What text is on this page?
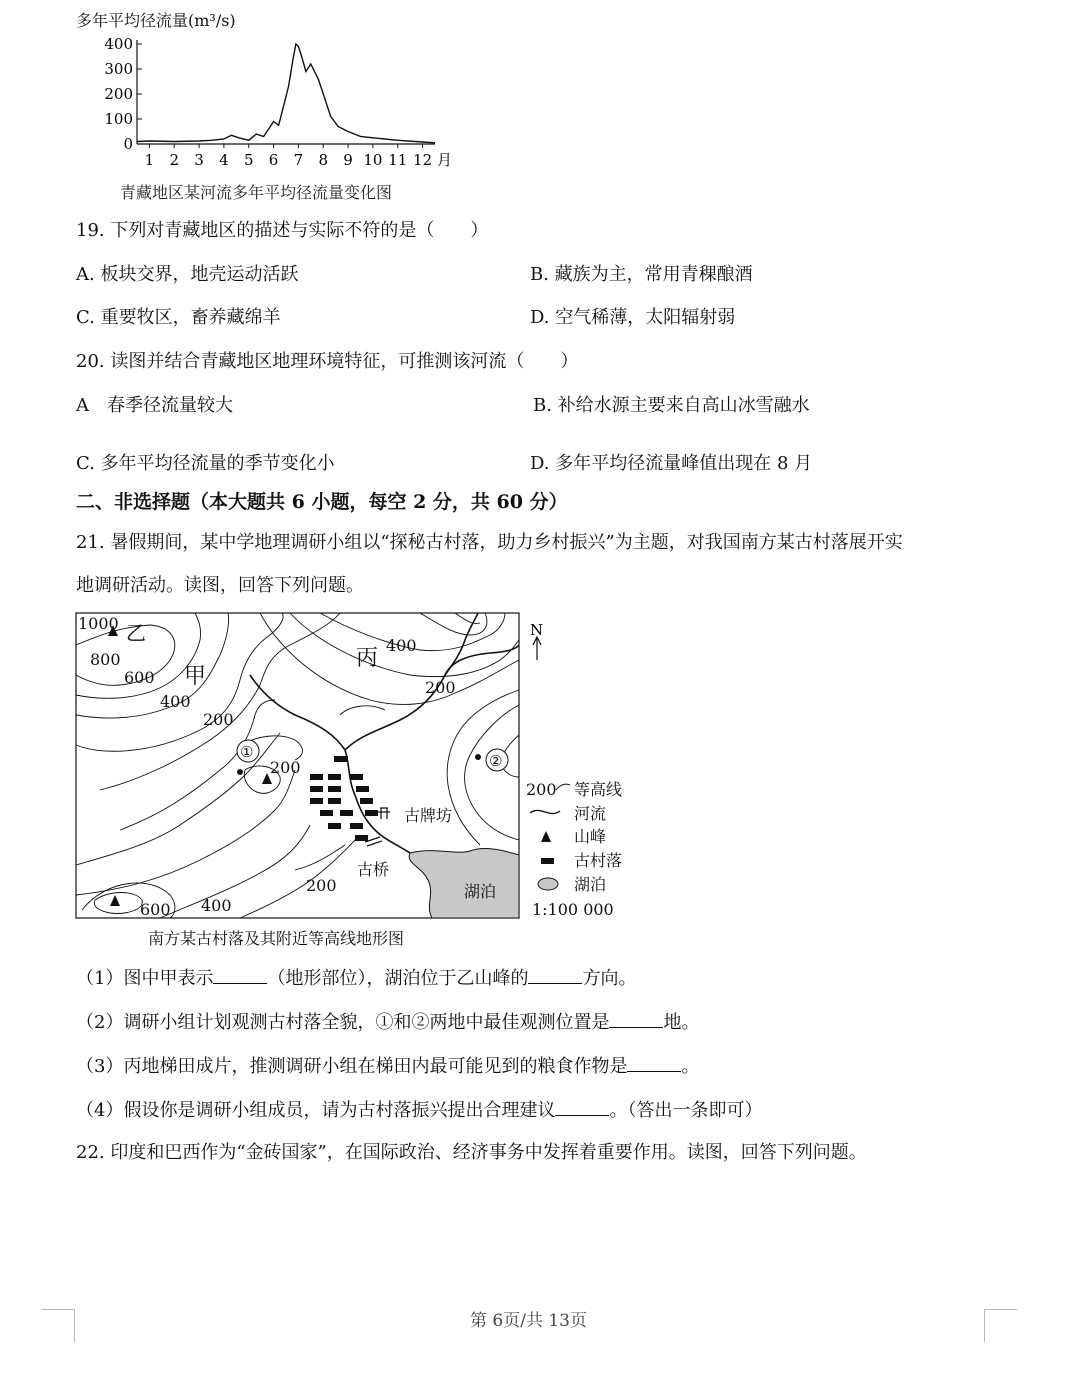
多年平均径流量(m³/s)
400
300
200
100
0
1 2 3 4 5 6 7 8 9 10 11 12 月
青藏地区某河流多年平均径流量变化图
19. 下列对青藏地区的描述与实际不符的是（　　）
A. 板块交界，地壳运动活跃	B. 藏族为主，常用青稞酿酒
C. 重要牧区，畜养藏绵羊	D. 空气稀薄，太阳辐射弱
20. 读图并结合青藏地区地理环境特征，可推测该河流（　　）
A　春季径流量较大	B. 补给水源主要来自高山冰雪融水
C. 多年平均径流量的季节变化小	D. 多年平均径流量峰值出现在 8 月
二、非选择题（本大题共 6 小题，每空 2 分，共 60 分）
21. 暑假期间，某中学地理调研小组以“探秘古村落，助力乡村振兴”为主题，对我国南方某古村落展开实
地调研活动。读图，回答下列问题。
1000 乙
800
600 甲
400
200
丙
400
200
①
200	②
古牌坊
古桥
200	湖泊
600 400
N
200 等高线
河流
山峰
古村落
湖泊
1:100 000
南方某古村落及其附近等高线地形图
（1）图中甲表示	（地形部位），湖泊位于乙山峰的	方向。
（2）调研小组计划观测古村落全貌，①和②两地中最佳观测位置是	地。
（3）丙地梯田成片，推测调研小组在梯田内最可能见到的粮食作物是	。
（4）假设你是调研小组成员，请为古村落振兴提出合理建议	。（答出一条即可）
22. 印度和巴西作为“金砖国家”，在国际政治、经济事务中发挥着重要作用。读图，回答下列问题。
第 6页/共 13页
